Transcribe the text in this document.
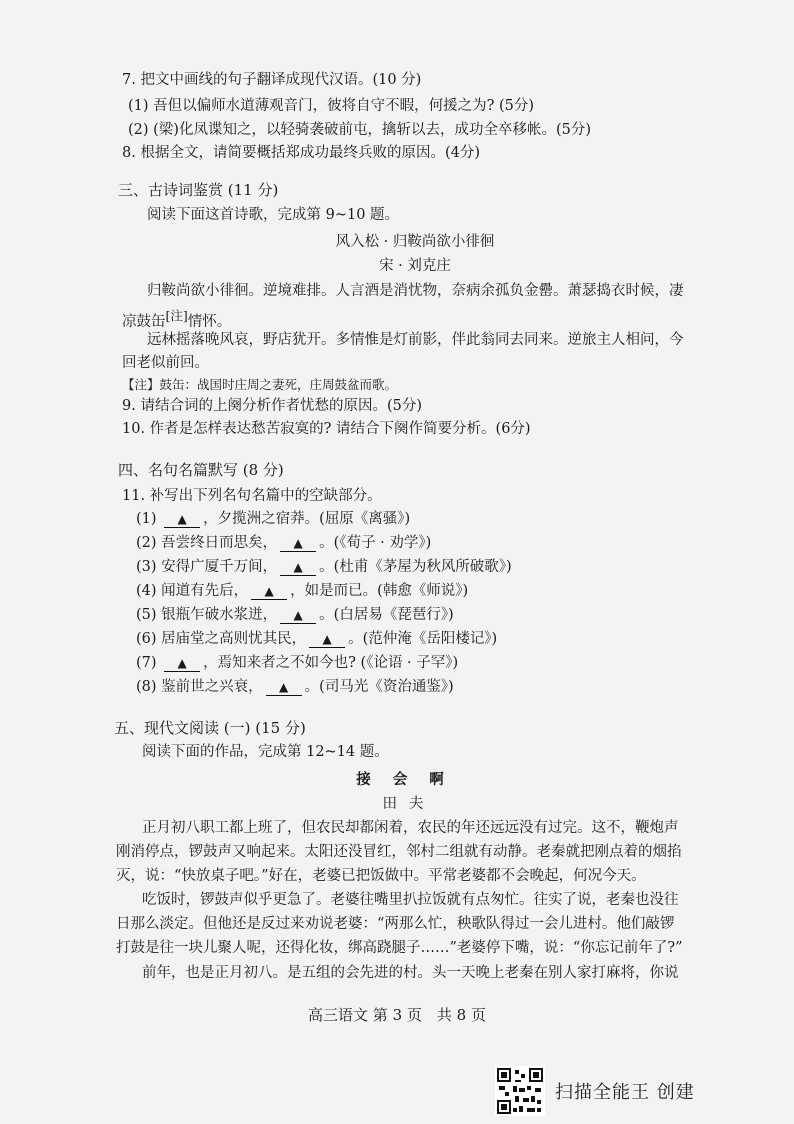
7. 把文中画线的句子翻译成现代汉语。(10 分)
(1) 吾但以偏师水道薄观音门，彼将自守不暇，何援之为? (5分)
(2) (梁)化凤谍知之，以轻骑袭破前屯，擒斩以去，成功全卒移帐。(5分)
8. 根据全文，请简要概括郑成功最终兵败的原因。(4分)
三、古诗词鉴赏 (11 分)
阅读下面这首诗歌，完成第 9~10 题。
风入松 · 归鞍尚欲小徘徊
宋 · 刘克庄
归鞍尚欲小徘徊。逆境难排。人言酒是消忧物，奈病余孤负金罍。萧瑟捣衣时候，凄
凉鼓缶[注]情怀。
远林摇落晚风哀，野店犹开。多情惟是灯前影，伴此翁同去同来。逆旅主人相问，今
回老似前回。
【注】鼓缶：战国时庄周之妻死，庄周鼓盆而歌。
9. 请结合词的上阕分析作者忧愁的原因。(5分)
10. 作者是怎样表达愁苦寂寞的? 请结合下阕作简要分析。(6分)
四、名句名篇默写 (8 分)
11. 补写出下列名句名篇中的空缺部分。
(1) ▲ ，夕揽洲之宿莽。(屈原《离骚》)
(2) 吾尝终日而思矣， ▲ 。(《荀子 · 劝学》)
(3) 安得广厦千万间， ▲ 。(杜甫《茅屋为秋风所破歌》)
(4) 闻道有先后， ▲ ，如是而已。(韩愈《师说》)
(5) 银瓶乍破水浆迸， ▲ 。(白居易《琵琶行》)
(6) 居庙堂之高则忧其民， ▲ 。(范仲淹《岳阳楼记》)
(7) ▲ ，焉知来者之不如今也? (《论语 · 子罕》)
(8) 鉴前世之兴衰， ▲ 。(司马光《资治通鉴》)
五、现代文阅读 (一) (15 分)
阅读下面的作品，完成第 12~14 题。
接会啊
田夫
正月初八职工都上班了，但农民却都闲着，农民的年还远远没有过完。这不，鞭炮声
刚消停点，锣鼓声又响起来。太阳还没冒红，邻村二组就有动静。老秦就把刚点着的烟掐
灭，说：“快放桌子吧。”好在，老婆已把饭做中。平常老婆都不会晚起，何况今天。
吃饭时，锣鼓声似乎更急了。老婆往嘴里扒拉饭就有点匆忙。往实了说，老秦也没往
日那么淡定。但他还是反过来劝说老婆：“两那么忙，秧歌队得过一会儿进村。他们敲锣
打鼓是往一块儿聚人呢，还得化妆，绑高跷腿子……”老婆停下嘴，说：“你忘记前年了?”
前年，也是正月初八。是五组的会先进的村。头一天晚上老秦在别人家打麻将，你说
高三语文 第 3 页　共 8 页
扫描全能王 创建
